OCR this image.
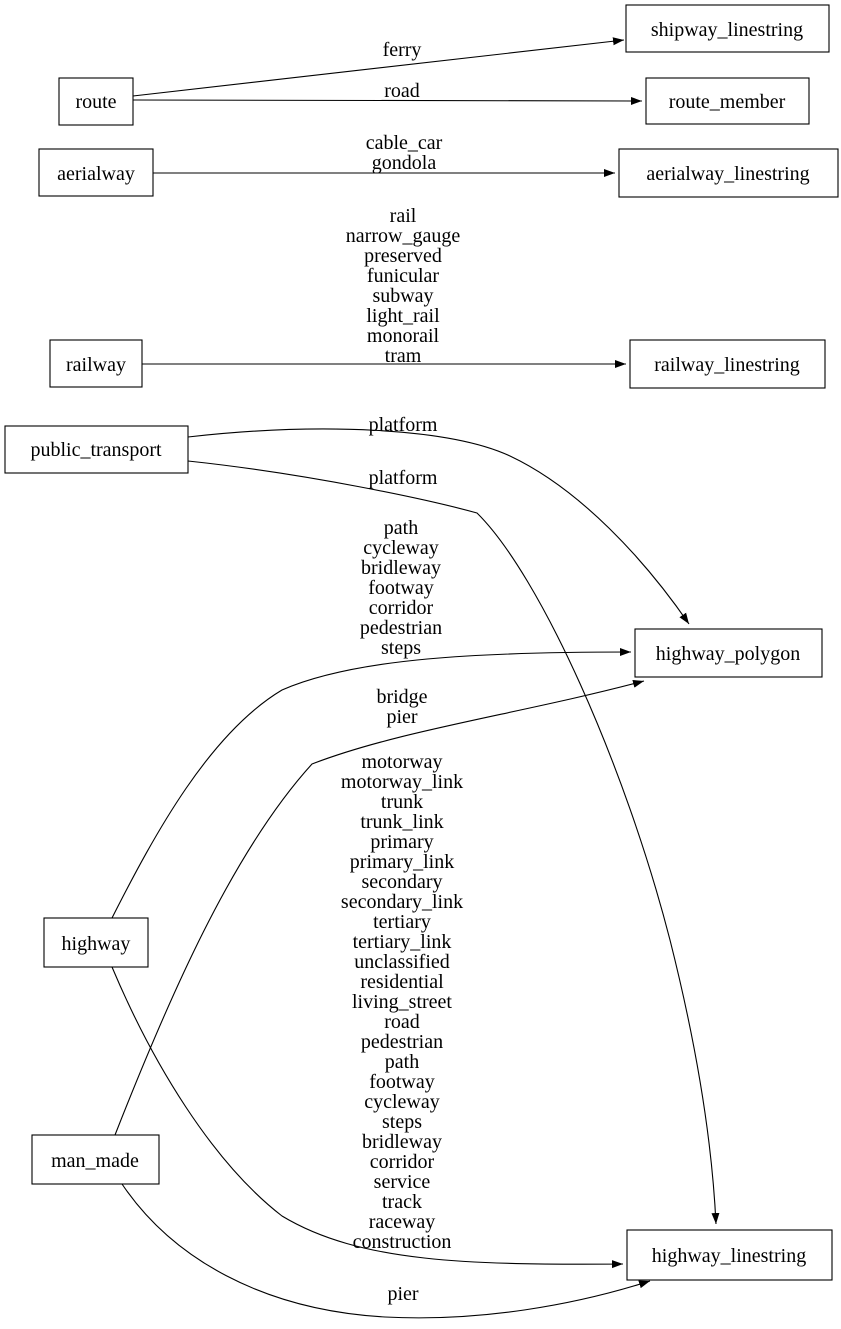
ferry
road
cable_car gondola
rail narrow_gauge preserved funicular subway light_rail monorail tram
platform
platform
path cycleway bridleway footway corridor pedestrian steps
bridge pier
motorway motorway_link trunk trunk_link primary primary_link secondary secondary_link tertiary tertiary_link unclassified residential living_street road pedestrian path footway cycleway steps bridleway corridor service track raceway construction
pier
route
shipway_linestring
route_member
aerialway	aerialway_linestring
railway	railway_linestring
public_transport
highway_polygon
highway
man_made
highway_linestring
